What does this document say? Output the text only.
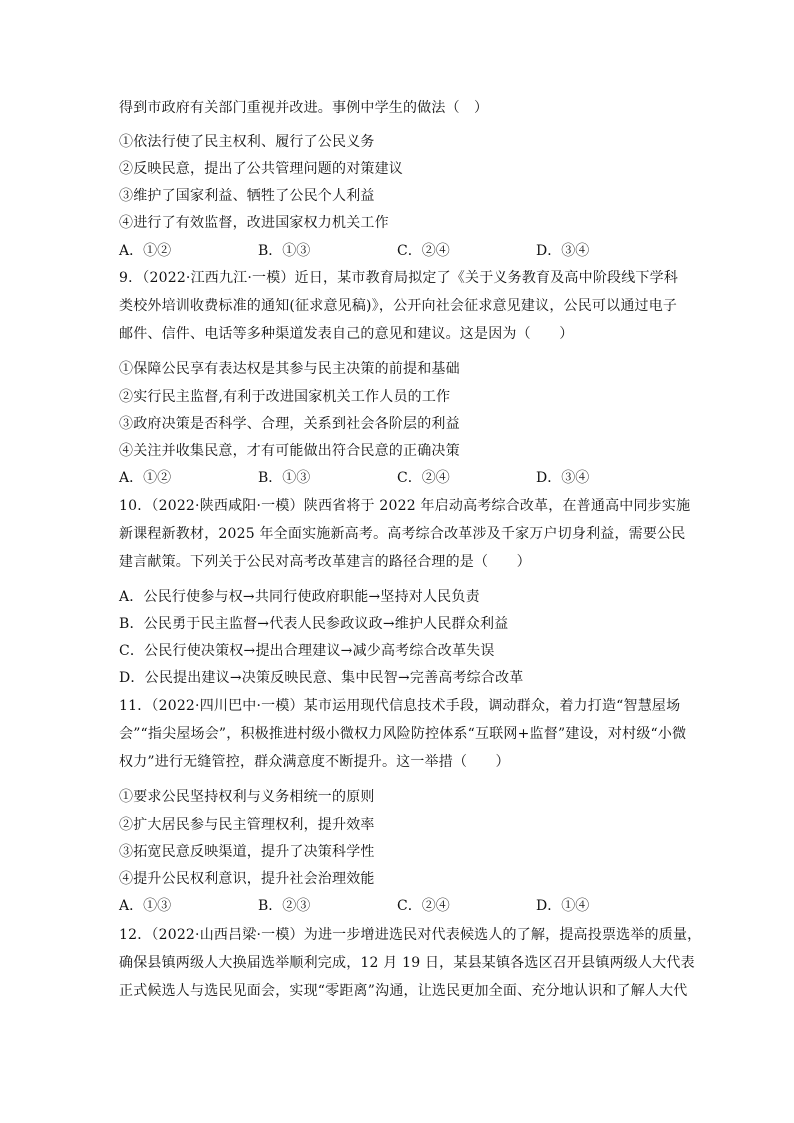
得到市政府有关部门重视并改进。事例中学生的做法（　）
①依法行使了民主权利、履行了公民义务
②反映民意，提出了公共管理问题的对策建议
③维护了国家利益、牺牲了公民个人利益
④进行了有效监督，改进国家权力机关工作
A．①②	B．①③	C．②④	D．③④
9．（2022·江西九江·一模）近日，某市教育局拟定了《关于义务教育及高中阶段线下学科
类校外培训收费标准的通知(征求意见稿)》，公开向社会征求意见建议，公民可以通过电子
邮件、信件、电话等多种渠道发表自己的意见和建议。这是因为（　　）
①保障公民享有表达权是其参与民主决策的前提和基础
②实行民主监督,有利于改进国家机关工作人员的工作
③政府决策是否科学、合理，关系到社会各阶层的利益
④关注并收集民意，才有可能做出符合民意的正确决策
A．①②	B．①③	C．②④	D．③④
10．（2022·陕西咸阳·一模）陕西省将于 2022 年启动高考综合改革，在普通高中同步实施
新课程新教材，2025 年全面实施新高考。高考综合改革涉及千家万户切身利益，需要公民
建言献策。下列关于公民对高考改革建言的路径合理的是（　　）
A．公民行使参与权→共同行使政府职能→坚持对人民负责
B．公民勇于民主监督→代表人民参政议政→维护人民群众利益
C．公民行使决策权→提出合理建议→减少高考综合改革失误
D．公民提出建议→决策反映民意、集中民智→完善高考综合改革
11．（2022·四川巴中·一模）某市运用现代信息技术手段，调动群众，着力打造“智慧屋场
会”“指尖屋场会”，积极推进村级小微权力风险防控体系“互联网+监督”建设，对村级“小微
权力”进行无缝管控，群众满意度不断提升。这一举措（　　）
①要求公民坚持权利与义务相统一的原则
②扩大居民参与民主管理权利，提升效率
③拓宽民意反映渠道，提升了决策科学性
④提升公民权利意识，提升社会治理效能
A．①③	B．②③	C．②④	D．①④
12．（2022·山西吕梁·一模）为进一步增进选民对代表候选人的了解，提高投票选举的质量，
确保县镇两级人大换届选举顺利完成，12 月 19 日，某县某镇各选区召开县镇两级人大代表
正式候选人与选民见面会，实现“零距离”沟通，让选民更加全面、充分地认识和了解人大代
